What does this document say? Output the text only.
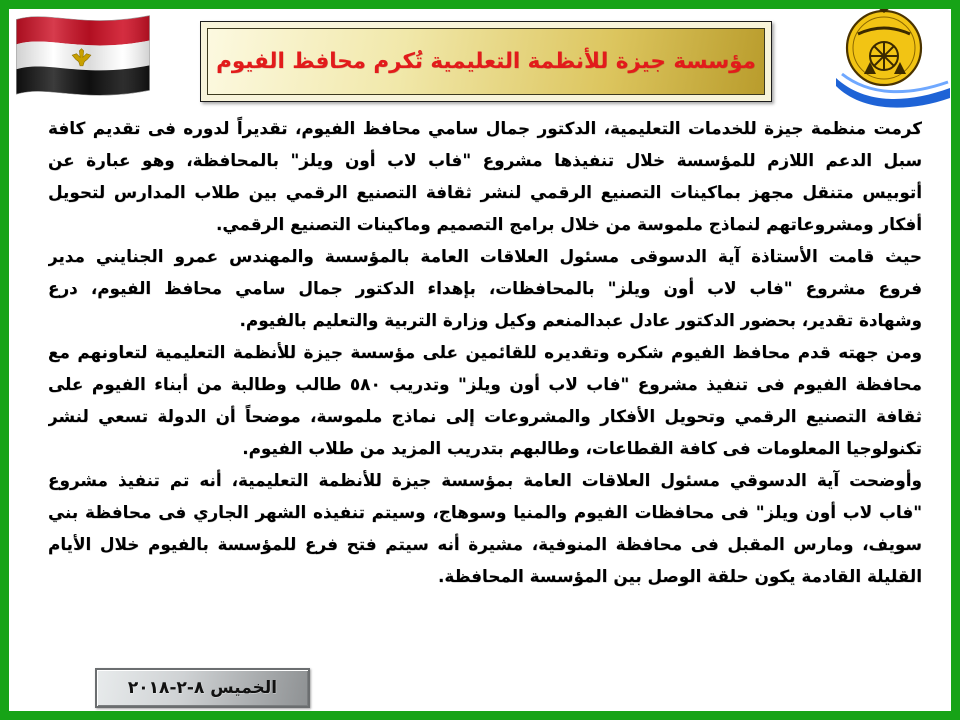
مؤسسة جيزة للأنظمة التعليمية تُكرم محافظ الفيوم
كرمت منظمة جيزة للخدمات التعليمية، الدكتور جمال سامي محافظ الفيوم، تقديراً لدوره فى تقديم كافة
سبل الدعم اللازم للمؤسسة خلال تنفيذها مشروع "فاب لاب أون ويلز" بالمحافظة، وهو عبارة عن
أتوبيس متنقل مجهز بماكينات التصنيع الرقمي لنشر ثقافة التصنيع الرقمي بين طلاب المدارس لتحويل
أفكار ومشروعاتهم لنماذج ملموسة من خلال برامج التصميم وماكينات التصنيع الرقمي.
حيث قامت الأستاذة آية الدسوقى مسئول العلاقات العامة بالمؤسسة والمهندس عمرو الجنايني مدير
فروع مشروع "فاب لاب أون ويلز" بالمحافظات، بإهداء الدكتور جمال سامي محافظ الفيوم، درع
وشهادة تقدير، بحضور الدكتور عادل عبدالمنعم وكيل وزارة التربية والتعليم بالفيوم.
ومن جهته قدم محافظ الفيوم شكره وتقديره للقائمين على مؤسسة جيزة للأنظمة التعليمية لتعاونهم مع
محافظة الفيوم فى تنفيذ مشروع "فاب لاب أون ويلز" وتدريب ٥٨٠ طالب وطالبة من أبناء الفيوم على
ثقافة التصنيع الرقمي وتحويل الأفكار والمشروعات إلى نماذج ملموسة، موضحاً أن الدولة تسعي لنشر
تكنولوجيا المعلومات فى كافة القطاعات، وطالبهم بتدريب المزيد من طلاب الفيوم.
وأوضحت آية الدسوقي مسئول العلاقات العامة بمؤسسة جيزة للأنظمة التعليمية، أنه تم تنفيذ مشروع
"فاب لاب أون ويلز" فى محافظات الفيوم والمنيا وسوهاج، وسيتم تنفيذه الشهر الجاري فى محافظة بني
سويف، ومارس المقبل فى محافظة المنوفية، مشيرة أنه سيتم فتح فرع للمؤسسة بالفيوم خلال الأيام
القليلة القادمة يكون حلقة الوصل بين المؤسسة المحافظة.
الخميس ٨-٢-٢٠١٨
